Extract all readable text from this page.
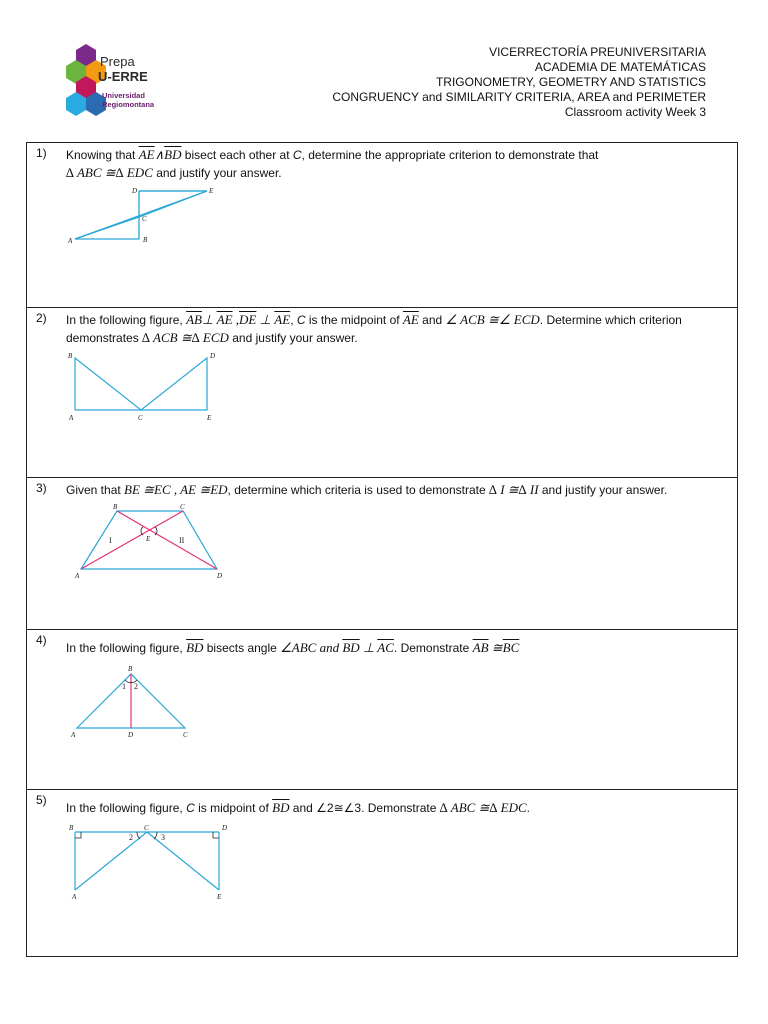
Prepa
U-ERRE
Universidad
Regiomontana
VICERRECTORÍA PREUNIVERSITARIA
ACADEMIA DE MATEMÁTICAS
TRIGONOMETRY, GEOMETRY AND STATISTICS
CONGRUENCY and SIMILARITY CRITERIA, AREA and PERIMETER
Classroom activity Week 3
1) Knowing that $\overline{AE}\wedge\overline{BD}$ bisect each other at C, determine the appropriate criterion to demonstrate that
∆ ABC ≅∆ EDC and justify your answer.
A	B
C
D	E
2) In the following figure, $\overline{AB}\perp$ $\overline{AE}$ $,\overline{DE}$ ⊥ $\overline{AE}$, C is the midpoint of $\overline{AE}$ and ∠ ACB ≅∠ ECD. Determine which criterion
demonstrates ∆ ACB ≅∆ ECD and justify your answer.
B	D
A	C	E
3) Given that BE ≅EC , AE ≅ED, determine which criteria is used to demonstrate ∆ I ≅∆ II and justify your answer.
B	C
E
A	D
I	II
4)
In the following figure, $\overline{BD}$ bisects angle ∠ABC and $\overline{BD}$ ⊥ $\overline{AC}$. Demonstrate $\overline{AB}$ $≅\overline{BC}$
B
1 2
A	D	C
5)
In the following figure, C is midpoint of $\overline{BD}$ and ∠2≅∠3. Demonstrate ∆ ABC ≅∆ EDC.
B	C	D
2	3
A	E
